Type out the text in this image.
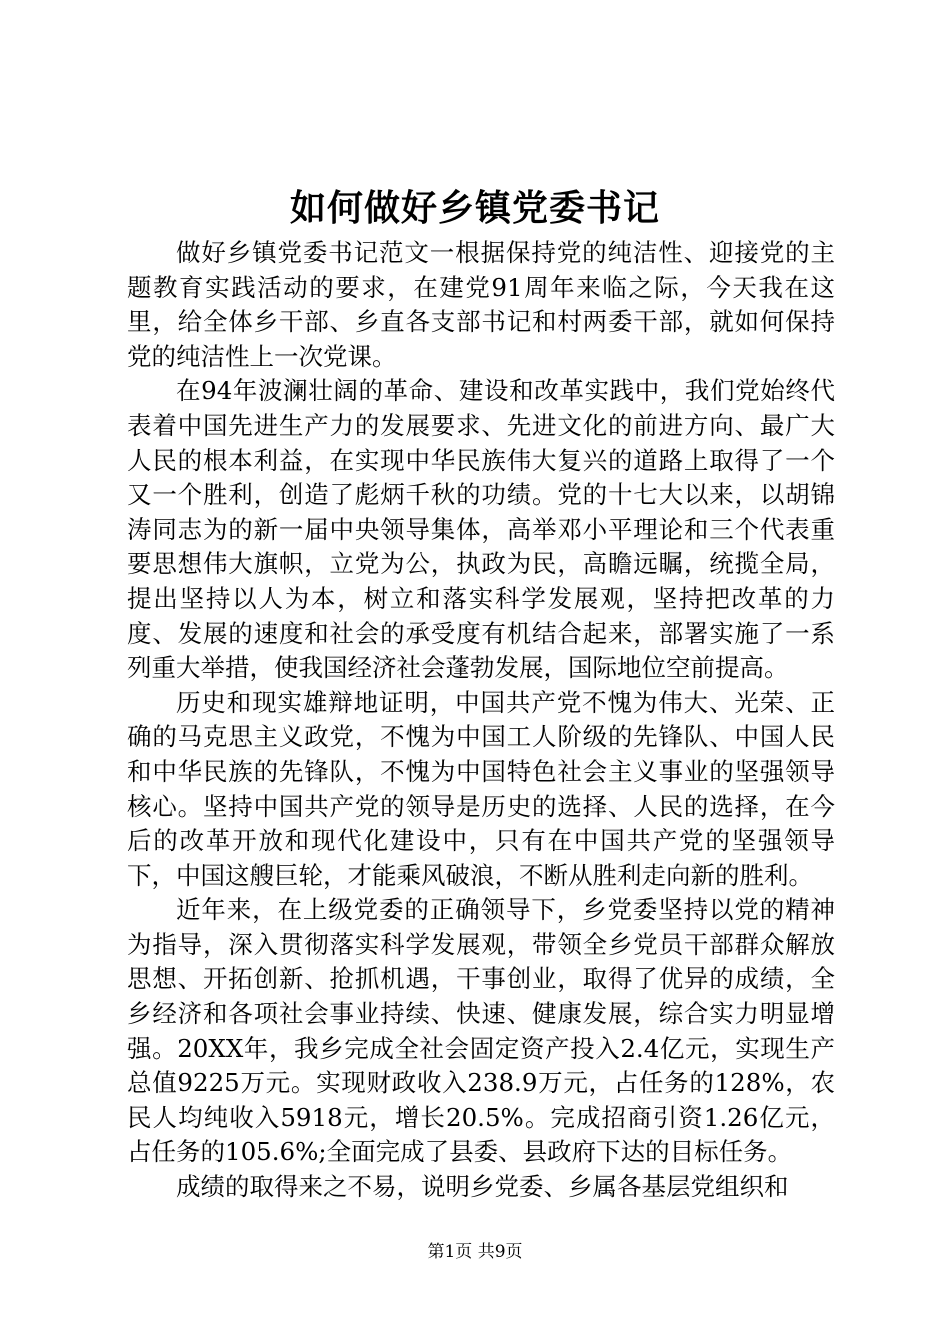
如何做好乡镇党委书记

做好乡镇党委书记范文一根据保持党的纯洁性、迎接党的主题教育实践活动的要求，在建党91周年来临之际，今天我在这里，给全体乡干部、乡直各支部书记和村两委干部，就如何保持党的纯洁性上一次党课。

在94年波澜壮阔的革命、建设和改革实践中，我们党始终代表着中国先进生产力的发展要求、先进文化的前进方向、最广大人民的根本利益，在实现中华民族伟大复兴的道路上取得了一个又一个胜利，创造了彪炳千秋的功绩。党的十七大以来，以胡锦涛同志为的新一届中央领导集体，高举邓小平理论和三个代表重要思想伟大旗帜，立党为公，执政为民，高瞻远瞩，统揽全局，提出坚持以人为本，树立和落实科学发展观，坚持把改革的力度、发展的速度和社会的承受度有机结合起来，部署实施了一系列重大举措，使我国经济社会蓬勃发展，国际地位空前提高。

历史和现实雄辩地证明，中国共产党不愧为伟大、光荣、正确的马克思主义政党，不愧为中国工人阶级的先锋队、中国人民和中华民族的先锋队，不愧为中国特色社会主义事业的坚强领导核心。坚持中国共产党的领导是历史的选择、人民的选择，在今后的改革开放和现代化建设中，只有在中国共产党的坚强领导下，中国这艘巨轮，才能乘风破浪，不断从胜利走向新的胜利。

近年来，在上级党委的正确领导下，乡党委坚持以党的精神为指导，深入贯彻落实科学发展观，带领全乡党员干部群众解放思想、开拓创新、抢抓机遇，干事创业，取得了优异的成绩，全乡经济和各项社会事业持续、快速、健康发展，综合实力明显增强。20XX年，我乡完成全社会固定资产投入2.4亿元，实现生产总值9225万元。实现财政收入238.9万元，占任务的128%，农民人均纯收入5918元，增长20.5%。完成招商引资1.26亿元，占任务的105.6%;全面完成了县委、县政府下达的目标任务。

成绩的取得来之不易，说明乡党委、乡属各基层党组织和

第1页 共9页
